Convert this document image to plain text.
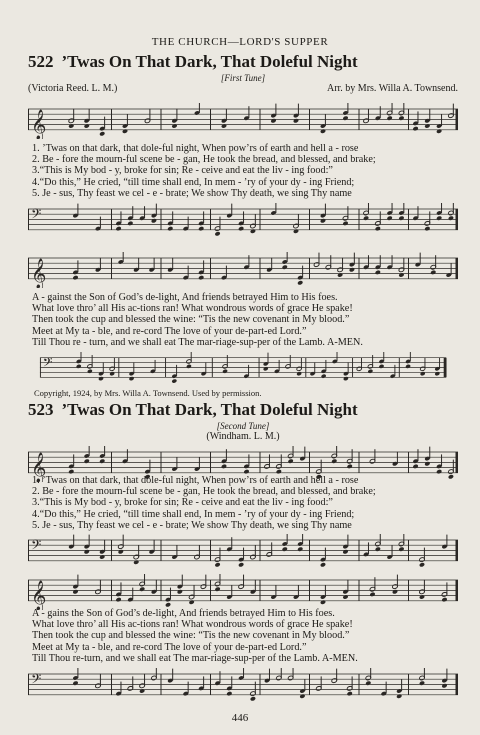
THE CHURCH—LORD'S SUPPER
522 ’Twas On That Dark, That Doleful Night
[First Tune]
(Victoria Reed. L. M.)	Arr. by Mrs. Willa A. Townsend.
𝄞
1. ’Twas on that dark, that dole-ful night, When pow’rs of earth and hell a - rose
2. Be - fore the mourn-ful scene be - gan, He took the bread, and blessed, and brake;
3.“This is My bod - y, broke for sin; Re - ceive and eat the liv - ing food:”
4.“Do this,” He cried, “till time shall end, In mem - ’ry of your dy - ing Friend;
5. Je - sus, Thy feast we cel - e - brate; We show Thy death, we sing Thy name
𝄢
𝄞
A - gainst the Son of God’s de-light, And friends betrayed Him to His foes.
What love thro’ all His ac-tions ran! What wondrous words of grace He spake!
Then took the cup and blessed the wine: “Tis the new covenant in My blood.”
Meet at My ta - ble, and re-cord The love of your de-part-ed Lord.”
Till Thou re - turn, and we shall eat The mar-riage-sup-per of the Lamb. A-MEN.
𝄢
Copyright, 1924, by Mrs. Willa A. Townsend. Used by permission.
523 ’Twas On That Dark, That Doleful Night
[Second Tune]
(Windham. L. M.)
𝄞
1. ’Twas on that dark, that dole-ful night, When pow’rs of earth and hell a - rose
2. Be - fore the mourn-ful scene be - gan, He took the bread, and blessed, and brake;
3.“This is My bod - y, broke for sin; Re - ceive and eat the liv - ing food:”
4.“Do this,” He cried, “till time shall end, In mem - ’ry of your dy - ing Friend;
5. Je - sus, Thy feast we cel - e - brate; We show Thy death, we sing Thy name
𝄢
𝄞
A - gains the Son of God’s de-light, And friends betrayed Him to His foes.
What love thro’ all His ac-tions ran! What wondrous words of grace He spake!
Then took the cup and blessed the wine: “Tis the new covenant in My blood.”
Meet at My ta - ble, and re-cord The love of your de-part-ed Lord.”
Till Thou re-turn, and we shall eat The mar-riage-sup-per of the Lamb. A-MEN.
𝄢
446
